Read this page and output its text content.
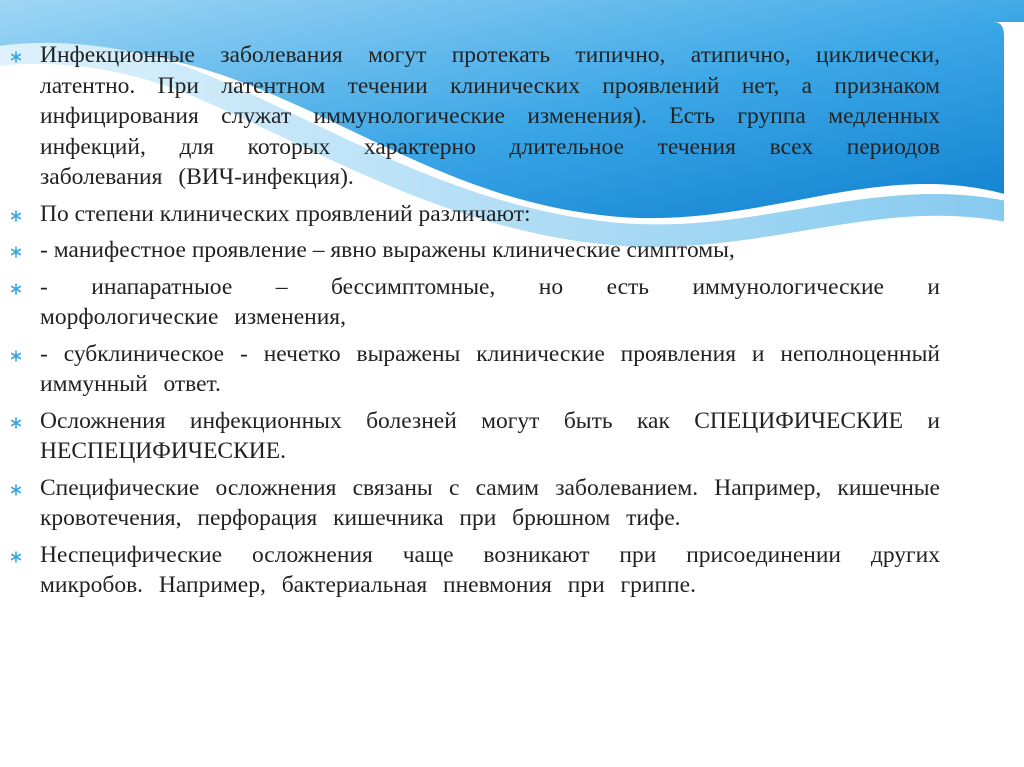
Инфекционные заболевания могут протекать типично, атипично, циклически, латентно. При латентном течении клинических проявлений нет, а признаком инфицирования служат иммунологические изменения). Есть группа медленных инфекций, для которых характерно длительное течения всех периодов заболевания (ВИЧ-инфекция).
По степени клинических проявлений различают:
- манифестное проявление – явно выражены клинические симптомы,
- инапаратныое – бессимптомные, но есть иммунологические и морфологические изменения,
- субклиническое - нечетко выражены клинические проявления и неполноценный иммунный ответ.
Осложнения инфекционных болезней могут быть как СПЕЦИФИЧЕСКИЕ и НЕСПЕЦИФИЧЕСКИЕ.
Специфические осложнения связаны с самим заболеванием. Например, кишечные кровотечения, перфорация кишечника при брюшном тифе.
Неспецифические осложнения чаще возникают при присоединении других микробов. Например, бактериальная пневмония при гриппе.
